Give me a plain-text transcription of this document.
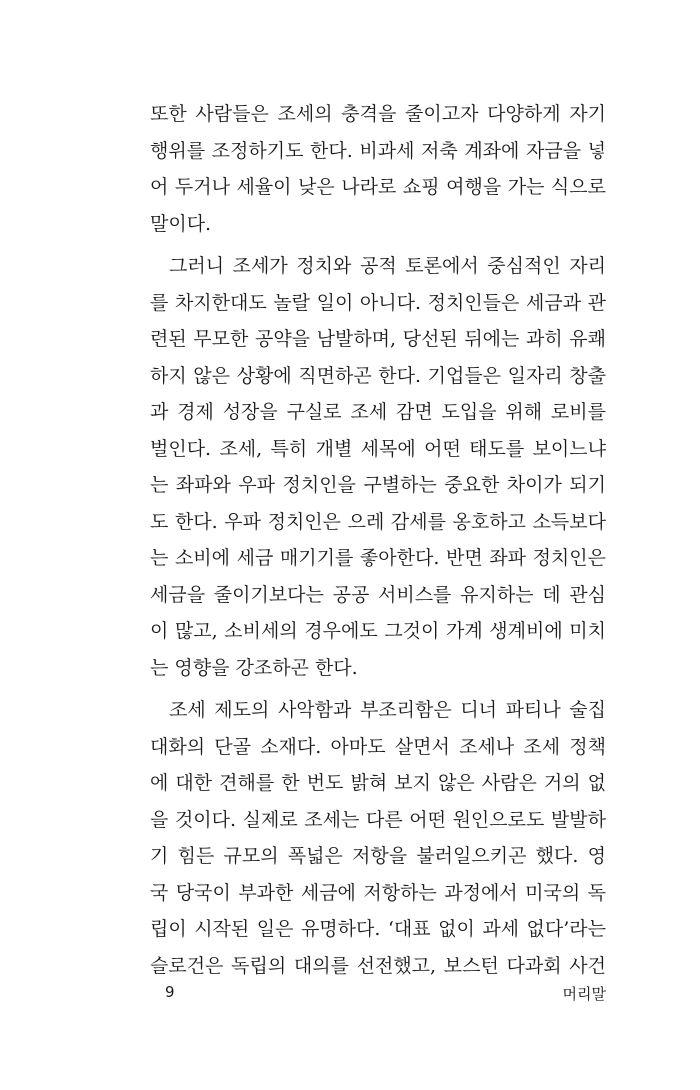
또한 사람들은 조세의 충격을 줄이고자 다양하게 자기
행위를 조정하기도 한다. 비과세 저축 계좌에 자금을 넣
어 두거나 세율이 낮은 나라로 쇼핑 여행을 가는 식으로
말이다.
그러니 조세가 정치와 공적 토론에서 중심적인 자리
를 차지한대도 놀랄 일이 아니다. 정치인들은 세금과 관
련된 무모한 공약을 남발하며, 당선된 뒤에는 과히 유쾌
하지 않은 상황에 직면하곤 한다. 기업들은 일자리 창출
과 경제 성장을 구실로 조세 감면 도입을 위해 로비를
벌인다. 조세, 특히 개별 세목에 어떤 태도를 보이느냐
는 좌파와 우파 정치인을 구별하는 중요한 차이가 되기
도 한다. 우파 정치인은 으레 감세를 옹호하고 소득보다
는 소비에 세금 매기기를 좋아한다. 반면 좌파 정치인은
세금을 줄이기보다는 공공 서비스를 유지하는 데 관심
이 많고, 소비세의 경우에도 그것이 가계 생계비에 미치
는 영향을 강조하곤 한다.
조세 제도의 사악함과 부조리함은 디너 파티나 술집
대화의 단골 소재다. 아마도 살면서 조세나 조세 정책
에 대한 견해를 한 번도 밝혀 보지 않은 사람은 거의 없
을 것이다. 실제로 조세는 다른 어떤 원인으로도 발발하
기 힘든 규모의 폭넓은 저항을 불러일으키곤 했다. 영
국 당국이 부과한 세금에 저항하는 과정에서 미국의 독
립이 시작된 일은 유명하다. ‘대표 없이 과세 없다’라는
슬로건은 독립의 대의를 선전했고, 보스턴 다과회 사건
9	머리말
